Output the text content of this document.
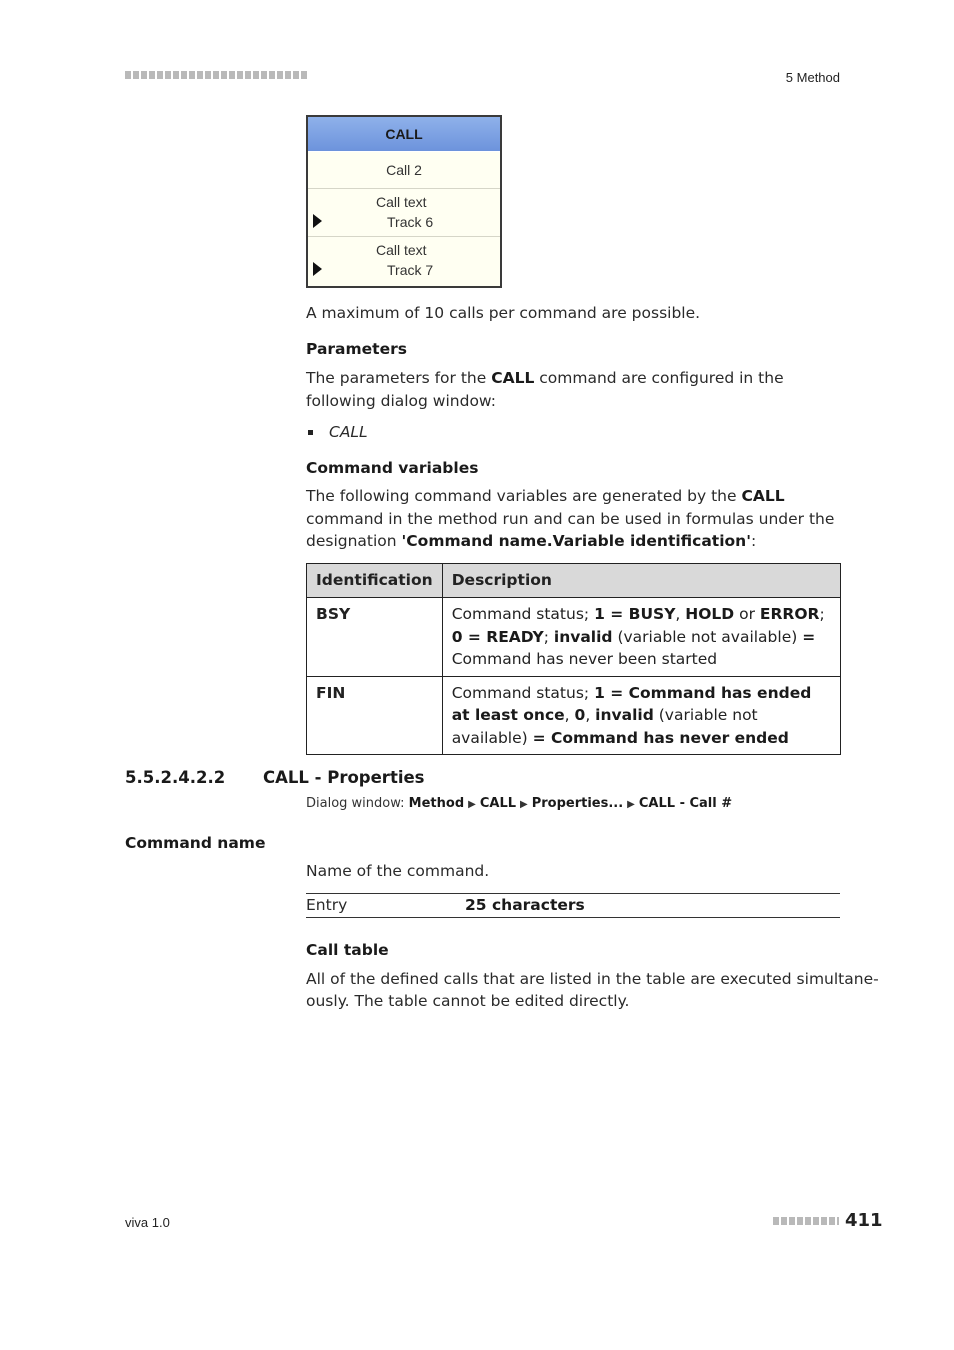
5 Method
CALL
Call 2
Call text
Track 6
Call text
Track 7
A maximum of 10 calls per command are possible.
Parameters
The parameters for the CALL command are configured in the following dialog window:
CALL
Command variables
The following command variables are generated by the CALL command in the method run and can be used in formulas under the designation 'Command name.Variable identification':
Identification	Description
BSY	Command status; 1 = BUSY, HOLD or ERROR; 0 = READY; invalid (variable not available) = Command has never been started
FIN	Command status; 1 = Command has ended at least once, 0, invalid (variable not available) = Command has never ended
5.5.2.4.2.2 CALL - Properties
Dialog window: Method ▶ CALL ▶ Properties... ▶ CALL - Call #
Command name
Name of the command.
Entry	25 characters
Call table
All of the defined calls that are listed in the table are executed simultane-
ously. The table cannot be edited directly.
viva 1.0	411
